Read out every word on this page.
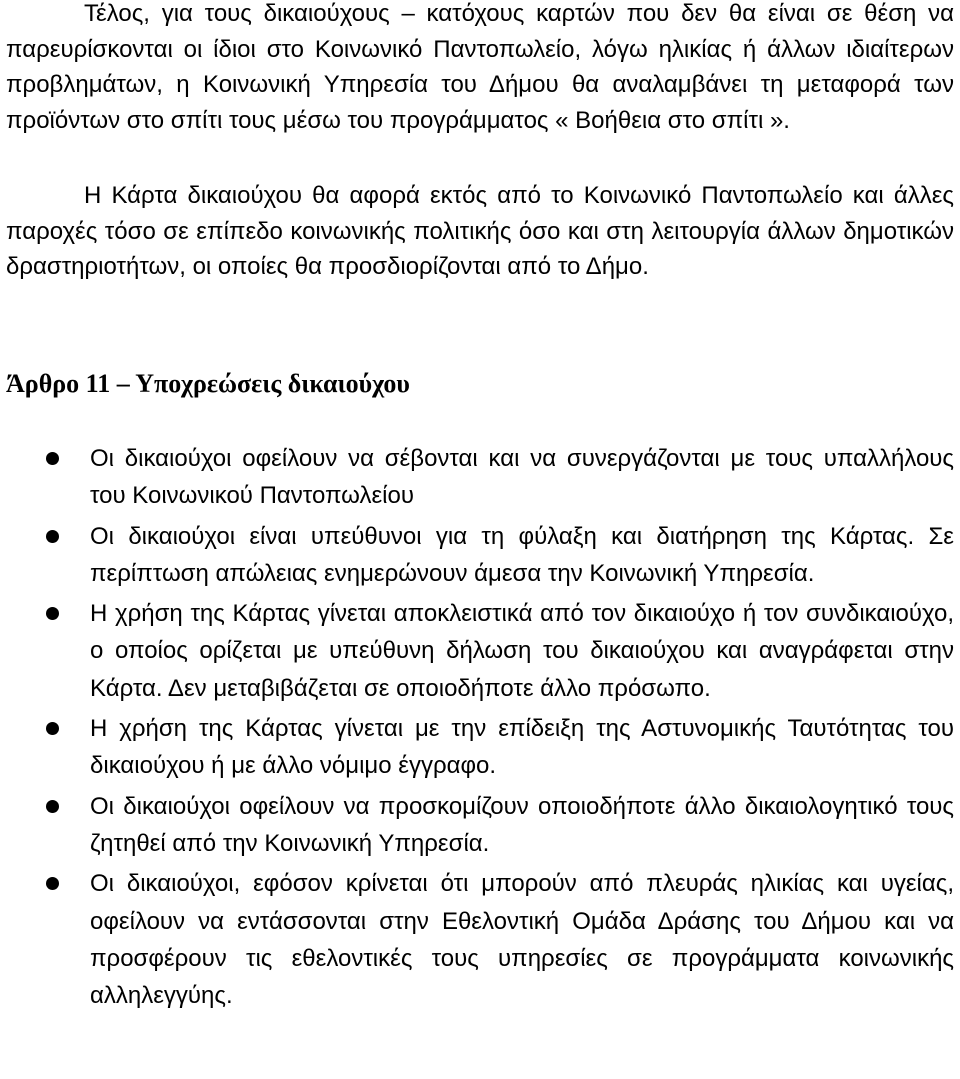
Τέλος, για τους δικαιούχους – κατόχους καρτών που δεν θα είναι σε θέση να παρευρίσκονται οι ίδιοι στο Κοινωνικό Παντοπωλείο, λόγω ηλικίας ή άλλων ιδιαίτερων προβλημάτων, η Κοινωνική Υπηρεσία του Δήμου θα αναλαμβάνει τη μεταφορά των προϊόντων στο σπίτι τους μέσω του προγράμματος « Βοήθεια στο σπίτι ».

Η Κάρτα δικαιούχου θα αφορά εκτός από το Κοινωνικό Παντοπωλείο και άλλες παροχές τόσο σε επίπεδο κοινωνικής πολιτικής όσο και στη λειτουργία άλλων δημοτικών δραστηριοτήτων, οι οποίες θα προσδιορίζονται από το Δήμο.

Άρθρο 11 – Υποχρεώσεις δικαιούχου
Οι δικαιούχοι οφείλουν να σέβονται και να συνεργάζονται με τους υπαλλήλους του Κοινωνικού Παντοπωλείου
Οι δικαιούχοι είναι υπεύθυνοι για τη φύλαξη και διατήρηση της Κάρτας. Σε περίπτωση απώλειας ενημερώνουν άμεσα την Κοινωνική Υπηρεσία.
Η χρήση της Κάρτας γίνεται αποκλειστικά από τον δικαιούχο ή τον συνδικαιούχο, ο οποίος ορίζεται με υπεύθυνη δήλωση του δικαιούχου και αναγράφεται στην Κάρτα. Δεν μεταβιβάζεται σε οποιοδήποτε άλλο πρόσωπο.
Η χρήση της Κάρτας γίνεται με την επίδειξη της Αστυνομικής Ταυτότητας του δικαιούχου ή με άλλο νόμιμο έγγραφο.
Οι δικαιούχοι οφείλουν να προσκομίζουν οποιοδήποτε άλλο δικαιολογητικό τους ζητηθεί από την Κοινωνική Υπηρεσία.
Οι δικαιούχοι, εφόσον κρίνεται ότι μπορούν από πλευράς ηλικίας και υγείας, οφείλουν να εντάσσονται στην Εθελοντική Ομάδα Δράσης του Δήμου και να προσφέρουν τις εθελοντικές τους υπηρεσίες σε προγράμματα κοινωνικής αλληλεγγύης.
